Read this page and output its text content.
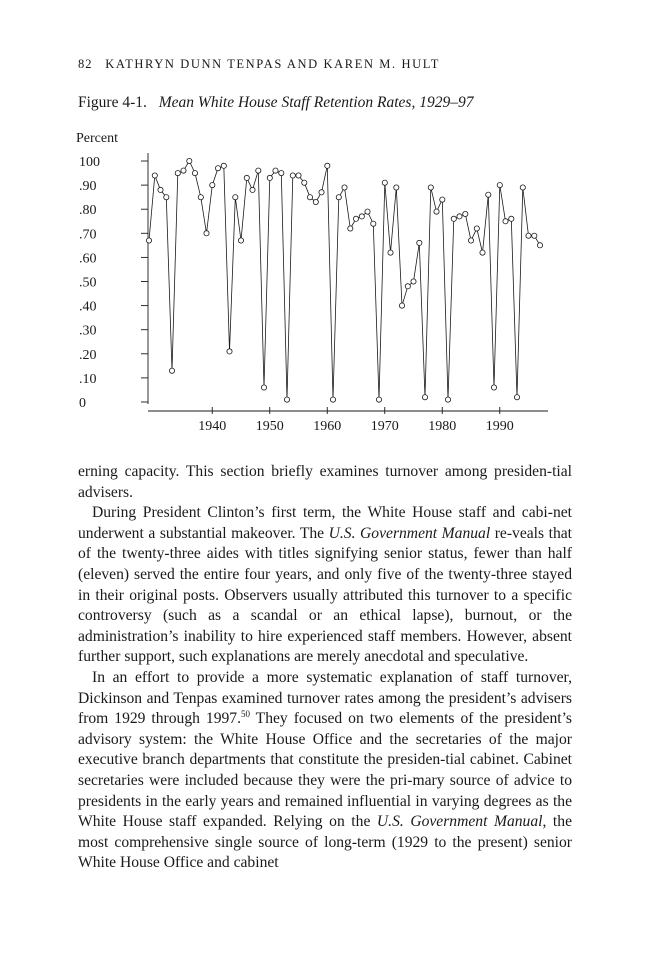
82 KATHRYN DUNN TENPAS AND KAREN M. HULT
Figure 4-1. Mean White House Staff Retention Rates, 1929–97
Percent
100
.90
.80
.70
.60
.50
.40
.30
.20
.10
0
1940 1950 1960 1970 1980 1990

erning capacity. This section briefly examines turnover among presiden-tial advisers.

During President Clinton’s first term, the White House staff and cabi-net underwent a substantial makeover. The U.S. Government Manual re-veals that of the twenty-three aides with titles signifying senior status, fewer than half (eleven) served the entire four years, and only five of the twenty-three stayed in their original posts. Observers usually attributed this turnover to a specific controversy (such as a scandal or an ethical lapse), burnout, or the administration’s inability to hire experienced staff members. However, absent further support, such explanations are merely anecdotal and speculative.

In an effort to provide a more systematic explanation of staff turnover, Dickinson and Tenpas examined turnover rates among the president’s advisers from 1929 through 1997.50 They focused on two elements of the president’s advisory system: the White House Office and the secretaries of the major executive branch departments that constitute the presiden-tial cabinet. Cabinet secretaries were included because they were the pri-mary source of advice to presidents in the early years and remained influential in varying degrees as the White House staff expanded. Relying on the U.S. Government Manual, the most comprehensive single source of long-term (1929 to the present) senior White House Office and cabinet
